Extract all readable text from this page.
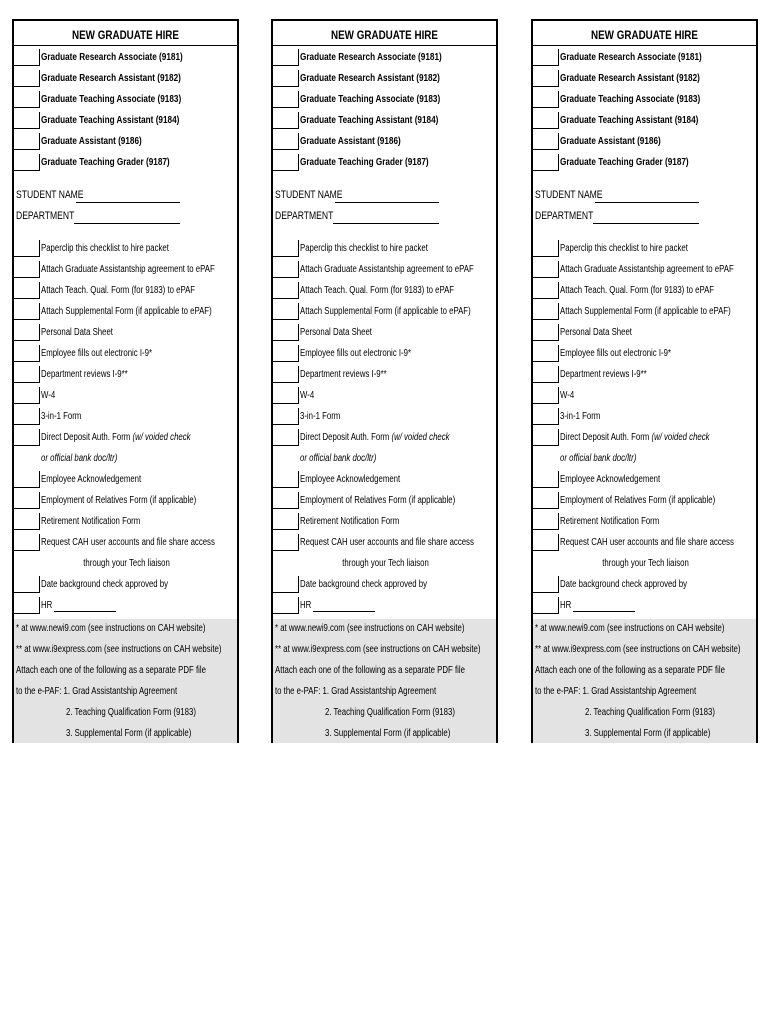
NEW GRADUATE HIRE
Graduate Research Associate (9181)
Graduate Research Assistant (9182)
Graduate Teaching Associate (9183)
Graduate Teaching Assistant (9184)
Graduate Assistant (9186)
Graduate Teaching Grader (9187)
STUDENT NAME
DEPARTMENT
Paperclip this checklist to hire packet
Attach Graduate Assistantship agreement to ePAF
Attach Teach. Qual. Form (for 9183) to ePAF
Attach Supplemental Form (if applicable to ePAF)
Personal Data Sheet
Employee fills out electronic I-9*
Department reviews I-9**
W-4
3-in-1 Form
Direct Deposit Auth. Form (w/ voided check
or official bank doc/ltr)
Employee Acknowledgement
Employment of Relatives Form (if applicable)
Retirement Notification Form
Request CAH user accounts and file share access
through your Tech liaison
Date background check approved by
HR
* at www.newi9.com (see instructions on CAH website)
** at www.i9express.com (see instructions on CAH website)
Attach each one of the following as a separate PDF file
to the e-PAF: 1. Grad Assistantship Agreement
2. Teaching Qualification Form (9183)
3. Supplemental Form (if applicable)
NEW GRADUATE HIRE
Graduate Research Associate (9181)
Graduate Research Assistant (9182)
Graduate Teaching Associate (9183)
Graduate Teaching Assistant (9184)
Graduate Assistant (9186)
Graduate Teaching Grader (9187)
STUDENT NAME
DEPARTMENT
Paperclip this checklist to hire packet
Attach Graduate Assistantship agreement to ePAF
Attach Teach. Qual. Form (for 9183) to ePAF
Attach Supplemental Form (if applicable to ePAF)
Personal Data Sheet
Employee fills out electronic I-9*
Department reviews I-9**
W-4
3-in-1 Form
Direct Deposit Auth. Form (w/ voided check
or official bank doc/ltr)
Employee Acknowledgement
Employment of Relatives Form (if applicable)
Retirement Notification Form
Request CAH user accounts and file share access
through your Tech liaison
Date background check approved by
HR
* at www.newi9.com (see instructions on CAH website)
** at www.i9express.com (see instructions on CAH website)
Attach each one of the following as a separate PDF file
to the e-PAF: 1. Grad Assistantship Agreement
2. Teaching Qualification Form (9183)
3. Supplemental Form (if applicable)
NEW GRADUATE HIRE
Graduate Research Associate (9181)
Graduate Research Assistant (9182)
Graduate Teaching Associate (9183)
Graduate Teaching Assistant (9184)
Graduate Assistant (9186)
Graduate Teaching Grader (9187)
STUDENT NAME
DEPARTMENT
Paperclip this checklist to hire packet
Attach Graduate Assistantship agreement to ePAF
Attach Teach. Qual. Form (for 9183) to ePAF
Attach Supplemental Form (if applicable to ePAF)
Personal Data Sheet
Employee fills out electronic I-9*
Department reviews I-9**
W-4
3-in-1 Form
Direct Deposit Auth. Form (w/ voided check
or official bank doc/ltr)
Employee Acknowledgement
Employment of Relatives Form (if applicable)
Retirement Notification Form
Request CAH user accounts and file share access
through your Tech liaison
Date background check approved by
HR
* at www.newi9.com (see instructions on CAH website)
** at www.i9express.com (see instructions on CAH website)
Attach each one of the following as a separate PDF file
to the e-PAF: 1. Grad Assistantship Agreement
2. Teaching Qualification Form (9183)
3. Supplemental Form (if applicable)
